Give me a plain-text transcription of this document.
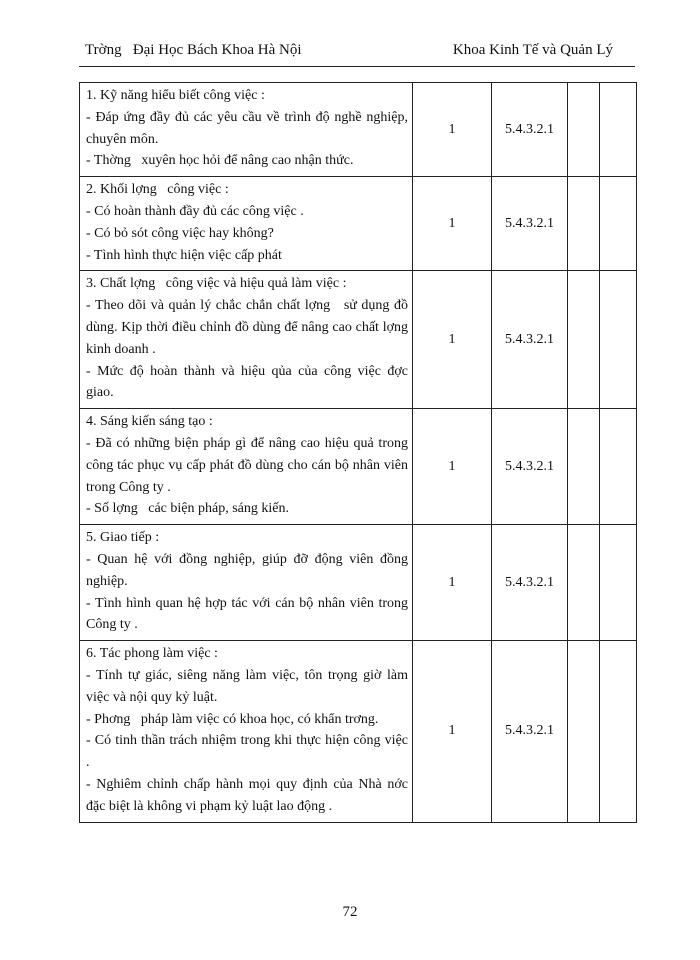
Trờng   Đại Học Bách Khoa Hà Nội	Khoa Kinh Tế và Quản Lý
1. Kỹ năng hiểu biết công việc :
- Đáp ứng đầy đủ các yêu cầu về trình độ nghề nghiệp, chuyên môn.
- Thờng   xuyên học hỏi để nâng cao nhận thức.	1	5.4.3.2.1		

2. Khối lợng   công việc :
- Có hoàn thành đầy đủ các công việc .
- Có bỏ sót công việc hay không?
- Tình hình thực hiện việc cấp phát	1	5.4.3.2.1		

3. Chất lợng   công việc và hiệu quả làm việc :
- Theo dõi và quản lý chắc chắn chất lợng   sử dụng đồ dùng. Kịp thời điều chỉnh đồ dùng để nâng cao chất lợng   kinh doanh .
- Mức độ hoàn thành và hiệu qủa của công việc đợc   giao.	1	5.4.3.2.1		

4. Sáng kiến sáng tạo :
- Đã có những biện pháp gì để nâng cao hiệu quả trong công tác phục vụ cấp phát đồ dùng cho cán bộ nhân viên trong Công ty .
- Số lợng   các biện pháp, sáng kiến.	1	5.4.3.2.1		

5. Giao tiếp :
- Quan hệ với đồng nghiệp, giúp đỡ động viên đồng nghiệp.
- Tình hình quan hệ hợp tác với cán bộ nhân viên trong Công ty .	1	5.4.3.2.1		

6. Tác phong làm việc :
- Tính tự giác, siêng năng làm việc, tôn trọng giờ làm việc và nội quy kỷ luật.
- Phơng   pháp làm việc có khoa học, có khẩn trơng.
- Có tinh thần trách nhiệm trong khi thực hiện công việc .
- Nghiêm chỉnh chấp hành mọi quy định của Nhà nớc   đặc biệt là không vi phạm kỷ luật lao động .	1	5.4.3.2.1		
72
